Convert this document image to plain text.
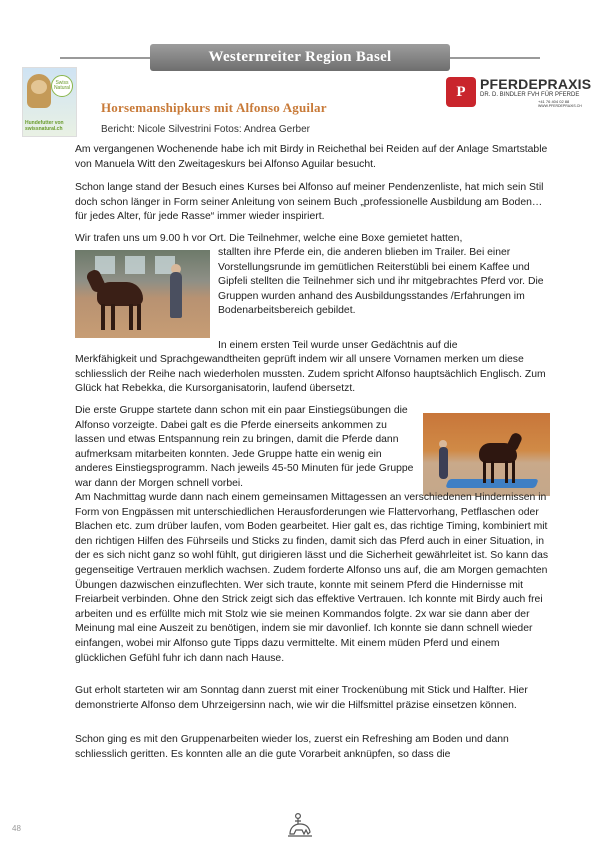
Westernreiter Region Basel
Swiss Natural
Hundefutter von swissnatural.ch
P	PFERDEPRAXIS
DR. D. BINDLER FVH FÜR PFERDE
+41 76 404 02 88
WWW.PFERDEPRAXIS.CH
Horsemanshipkurs mit Alfonso Aguilar
Bericht: Nicole Silvestrini Fotos: Andrea Gerber

Am vergangenen Wochenende habe ich mit Birdy in Reichethal bei Reiden auf der Anlage Smartstable von Manuela Witt den Zweitageskurs bei Alfonso Aguilar besucht.

Schon lange stand der Besuch eines Kurses bei Alfonso auf meiner Pendenzenliste, hat mich sein Stil doch schon länger in Form seiner Anleitung von seinem Buch „professionelle Ausbildung am Boden… für jedes Alter, für jede Rasse“ immer wieder inspiriert.

Wir trafen uns um 9.00 h vor Ort. Die Teilnehmer, welche eine Boxe gemietet hatten,

stallten ihre Pferde ein, die anderen blieben im Trailer. Bei einer Vorstellungsrunde im gemütlichen Reiterstübli bei einem Kaffee und Gipfeli stellten die Teilnehmer sich und ihr mitgebrachtes Pferd vor. Die Gruppen wurden anhand des Ausbildungsstandes /Erfahrungen im Bodenarbeitsbereich gebildet.

In einem ersten Teil wurde unser Gedächtnis auf die

Merkfähigkeit und Sprachgewandtheiten geprüft indem wir all unsere Vornamen merken um diese schliesslich der Reihe nach wiederholen mussten. Zudem spricht Alfonso hauptsächlich Englisch. Zum Glück hat Rebekka, die Kursorganisatorin, laufend übersetzt.

Die erste Gruppe startete dann schon mit ein paar Einstiegsübungen die Alfonso vorzeigte. Dabei galt es die Pferde einerseits ankommen zu lassen und etwas Entspannung rein zu bringen, damit die Pferde dann aufmerksam mitarbeiten konnten. Jede Gruppe hatte ein wenig ein anderes Einstiegsprogramm. Nach jeweils 45-50 Minuten für jede Gruppe war dann der Morgen schnell vorbei.

Am Nachmittag wurde dann nach einem gemeinsamen Mittagessen an verschiedenen Hindernissen in Form von Engpässen mit unterschiedlichen Herausforderungen wie Flattervorhang, Petflaschen oder Blachen etc. zum drüber laufen, vom Boden gearbeitet. Hier galt es, das richtige Timing, kombiniert mit den richtigen Hilfen des Führseils und Sticks zu finden, damit sich das Pferd auch in einer Situation, in der es sich nicht ganz so wohl fühlt, gut dirigieren lässt und die Sicherheit gewährleitet ist. So kann das gegenseitige Vertrauen merklich wachsen. Zudem forderte Alfonso uns auf, die am Morgen gemachten Übungen dazwischen einzuflechten. Wer sich traute, konnte mit seinem Pferd die Hindernisse mit Freiarbeit verbinden. Ohne den Strick zeigt sich das effektive Vertrauen. Ich konnte mit Birdy auch frei arbeiten und es erfüllte mich mit Stolz wie sie meinen Kommandos folgte. 2x war sie dann aber der Meinung mal eine Auszeit zu benötigen, indem sie mir davonlief. Ich konnte sie dann schnell wieder einfangen, wobei mir Alfonso gute Tipps dazu vermittelte. Mit einem müden Pferd und einem glücklichen Gefühl fuhr ich dann nach Hause.

Gut erholt starteten wir am Sonntag dann zuerst mit einer Trockenübung mit Stick und Halfter. Hier demonstrierte Alfonso dem Uhrzeigersinn nach, wie wir die Hilfsmittel präzise einsetzen können.

Schon ging es mit den Gruppenarbeiten wieder los, zuerst ein Refreshing am Boden und dann schliesslich geritten. Es konnten alle an die gute Vorarbeit anknüpfen, so dass die

48
